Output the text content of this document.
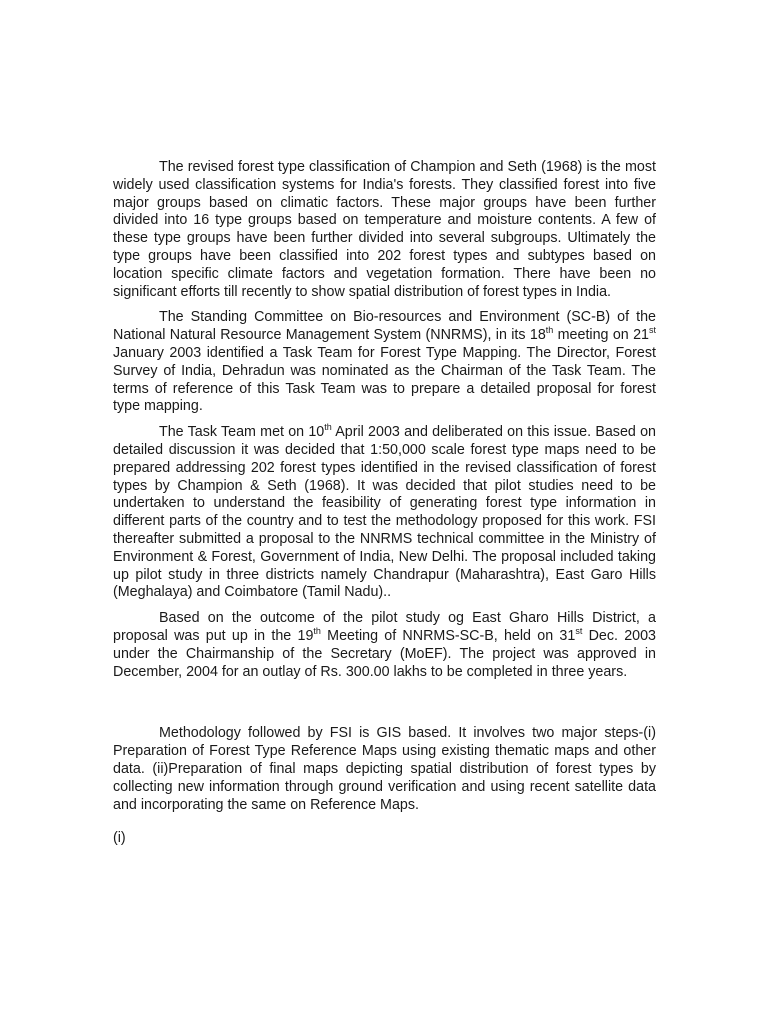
The revised forest type classification of Champion and Seth (1968) is the most widely used classification systems for India's forests. They classified forest into five major groups based on climatic factors. These major groups have been further divided into 16 type groups based on temperature and moisture contents. A few of these type groups have been further divided into several subgroups. Ultimately the type groups have been classified into 202 forest types and subtypes based on location specific climate factors and vegetation formation. There have been no significant efforts till recently to show spatial distribution of forest types in India.

The Standing Committee on Bio-resources and Environment (SC-B) of the National Natural Resource Management System (NNRMS), in its 18th meeting on 21st January 2003 identified a Task Team for Forest Type Mapping. The Director, Forest Survey of India, Dehradun was nominated as the Chairman of the Task Team. The terms of reference of this Task Team was to prepare a detailed proposal for forest type mapping.

The Task Team met on 10th April 2003 and deliberated on this issue. Based on detailed discussion it was decided that 1:50,000 scale forest type maps need to be prepared addressing 202 forest types identified in the revised classification of forest types by Champion & Seth (1968). It was decided that pilot studies need to be undertaken to understand the feasibility of generating forest type information in different parts of the country and to test the methodology proposed for this work. FSI thereafter submitted a proposal to the NNRMS technical committee in the Ministry of Environment & Forest, Government of India, New Delhi. The proposal included taking up pilot study in three districts namely Chandrapur (Maharashtra), East Garo Hills (Meghalaya) and Coimbatore (Tamil Nadu)..

Based on the outcome of the pilot study og East Gharo Hills District, a proposal was put up in the 19th Meeting of NNRMS-SC-B, held on 31st Dec. 2003 under the Chairmanship of the Secretary (MoEF). The project was approved in December, 2004 for an outlay of Rs. 300.00 lakhs to be completed in three years.

Methodology followed by FSI is GIS based. It involves two major steps-(i) Preparation of Forest Type Reference Maps using existing thematic maps and other data. (ii)Preparation of final maps depicting spatial distribution of forest types by collecting new information through ground verification and using recent satellite data and incorporating the same on Reference Maps.

(i)
